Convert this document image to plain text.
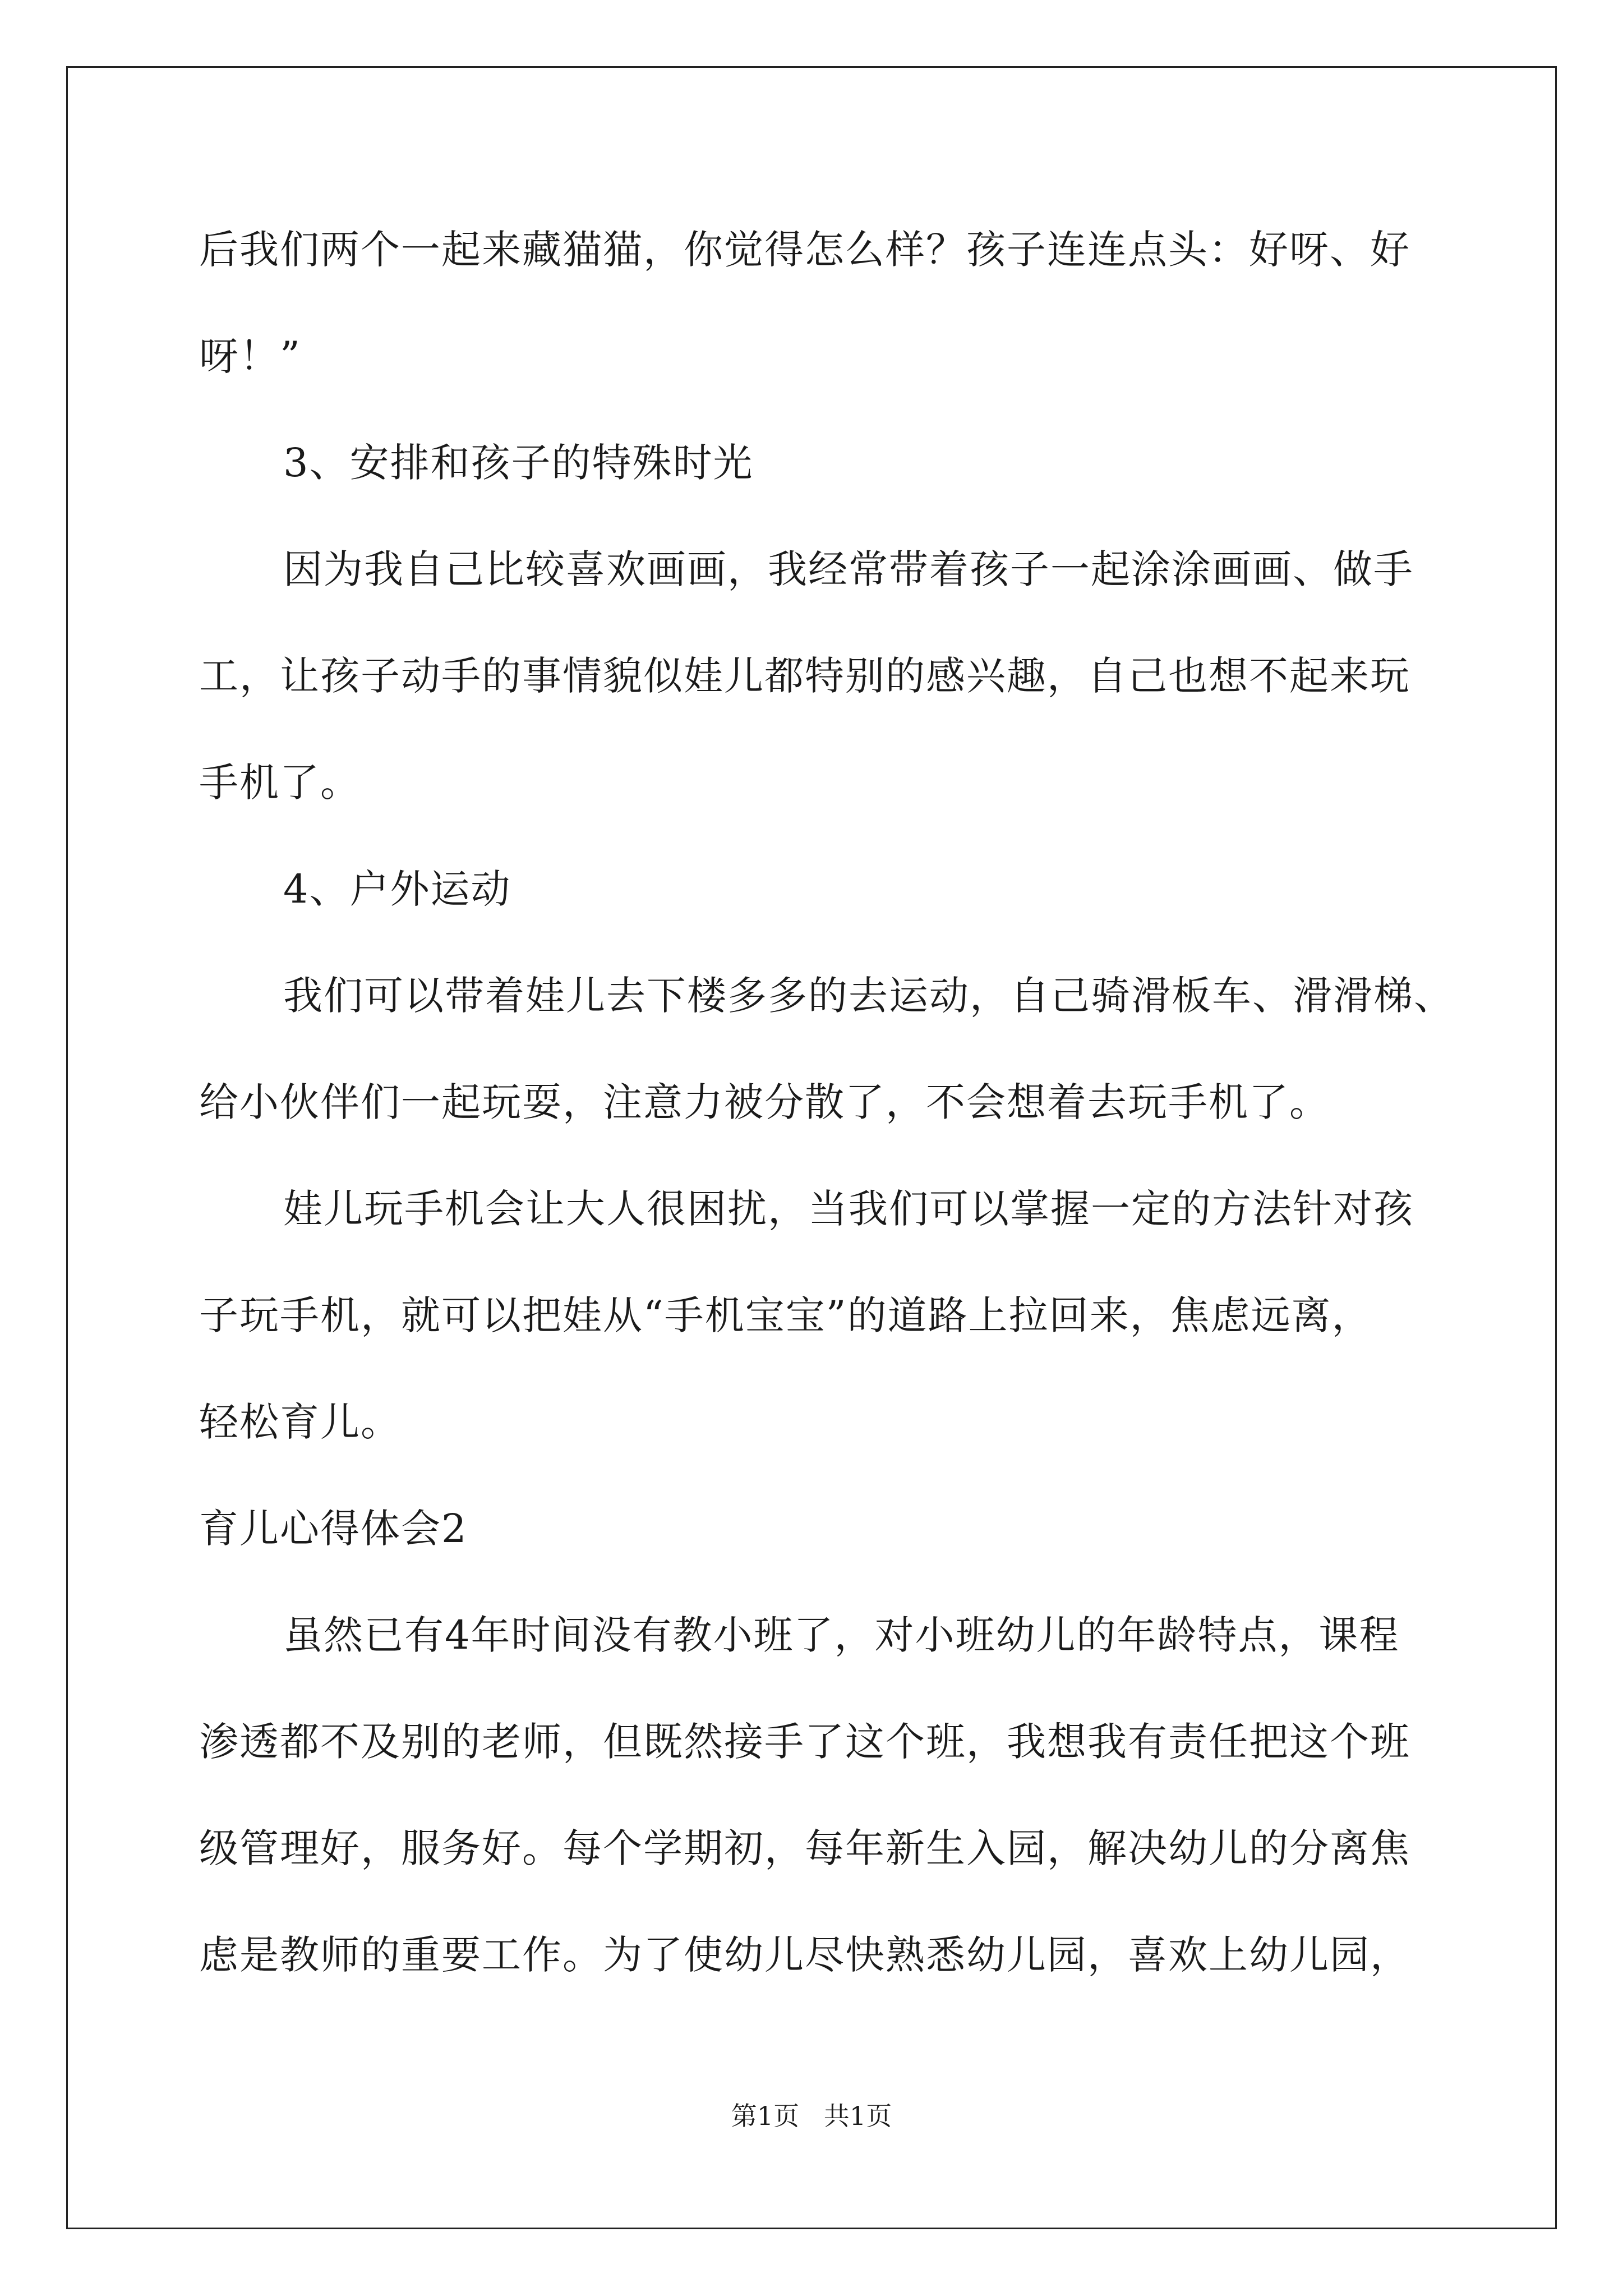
后我们两个一起来藏猫猫，你觉得怎么样？孩子连连点头：好呀、好
呀！”
3、安排和孩子的特殊时光
因为我自己比较喜欢画画，我经常带着孩子一起涂涂画画、做手
工，让孩子动手的事情貌似娃儿都特别的感兴趣，自己也想不起来玩
手机了。
4、户外运动
我们可以带着娃儿去下楼多多的去运动，自己骑滑板车、滑滑梯、
给小伙伴们一起玩耍，注意力被分散了，不会想着去玩手机了。
娃儿玩手机会让大人很困扰，当我们可以掌握一定的方法针对孩
子玩手机，就可以把娃从“手机宝宝”的道路上拉回来，焦虑远离，
轻松育儿。
育儿心得体会2
虽然已有4年时间没有教小班了，对小班幼儿的年龄特点，课程
渗透都不及别的老师，但既然接手了这个班，我想我有责任把这个班
级管理好，服务好。每个学期初，每年新生入园，解决幼儿的分离焦
虑是教师的重要工作。为了使幼儿尽快熟悉幼儿园，喜欢上幼儿园，
第1页   共1页
